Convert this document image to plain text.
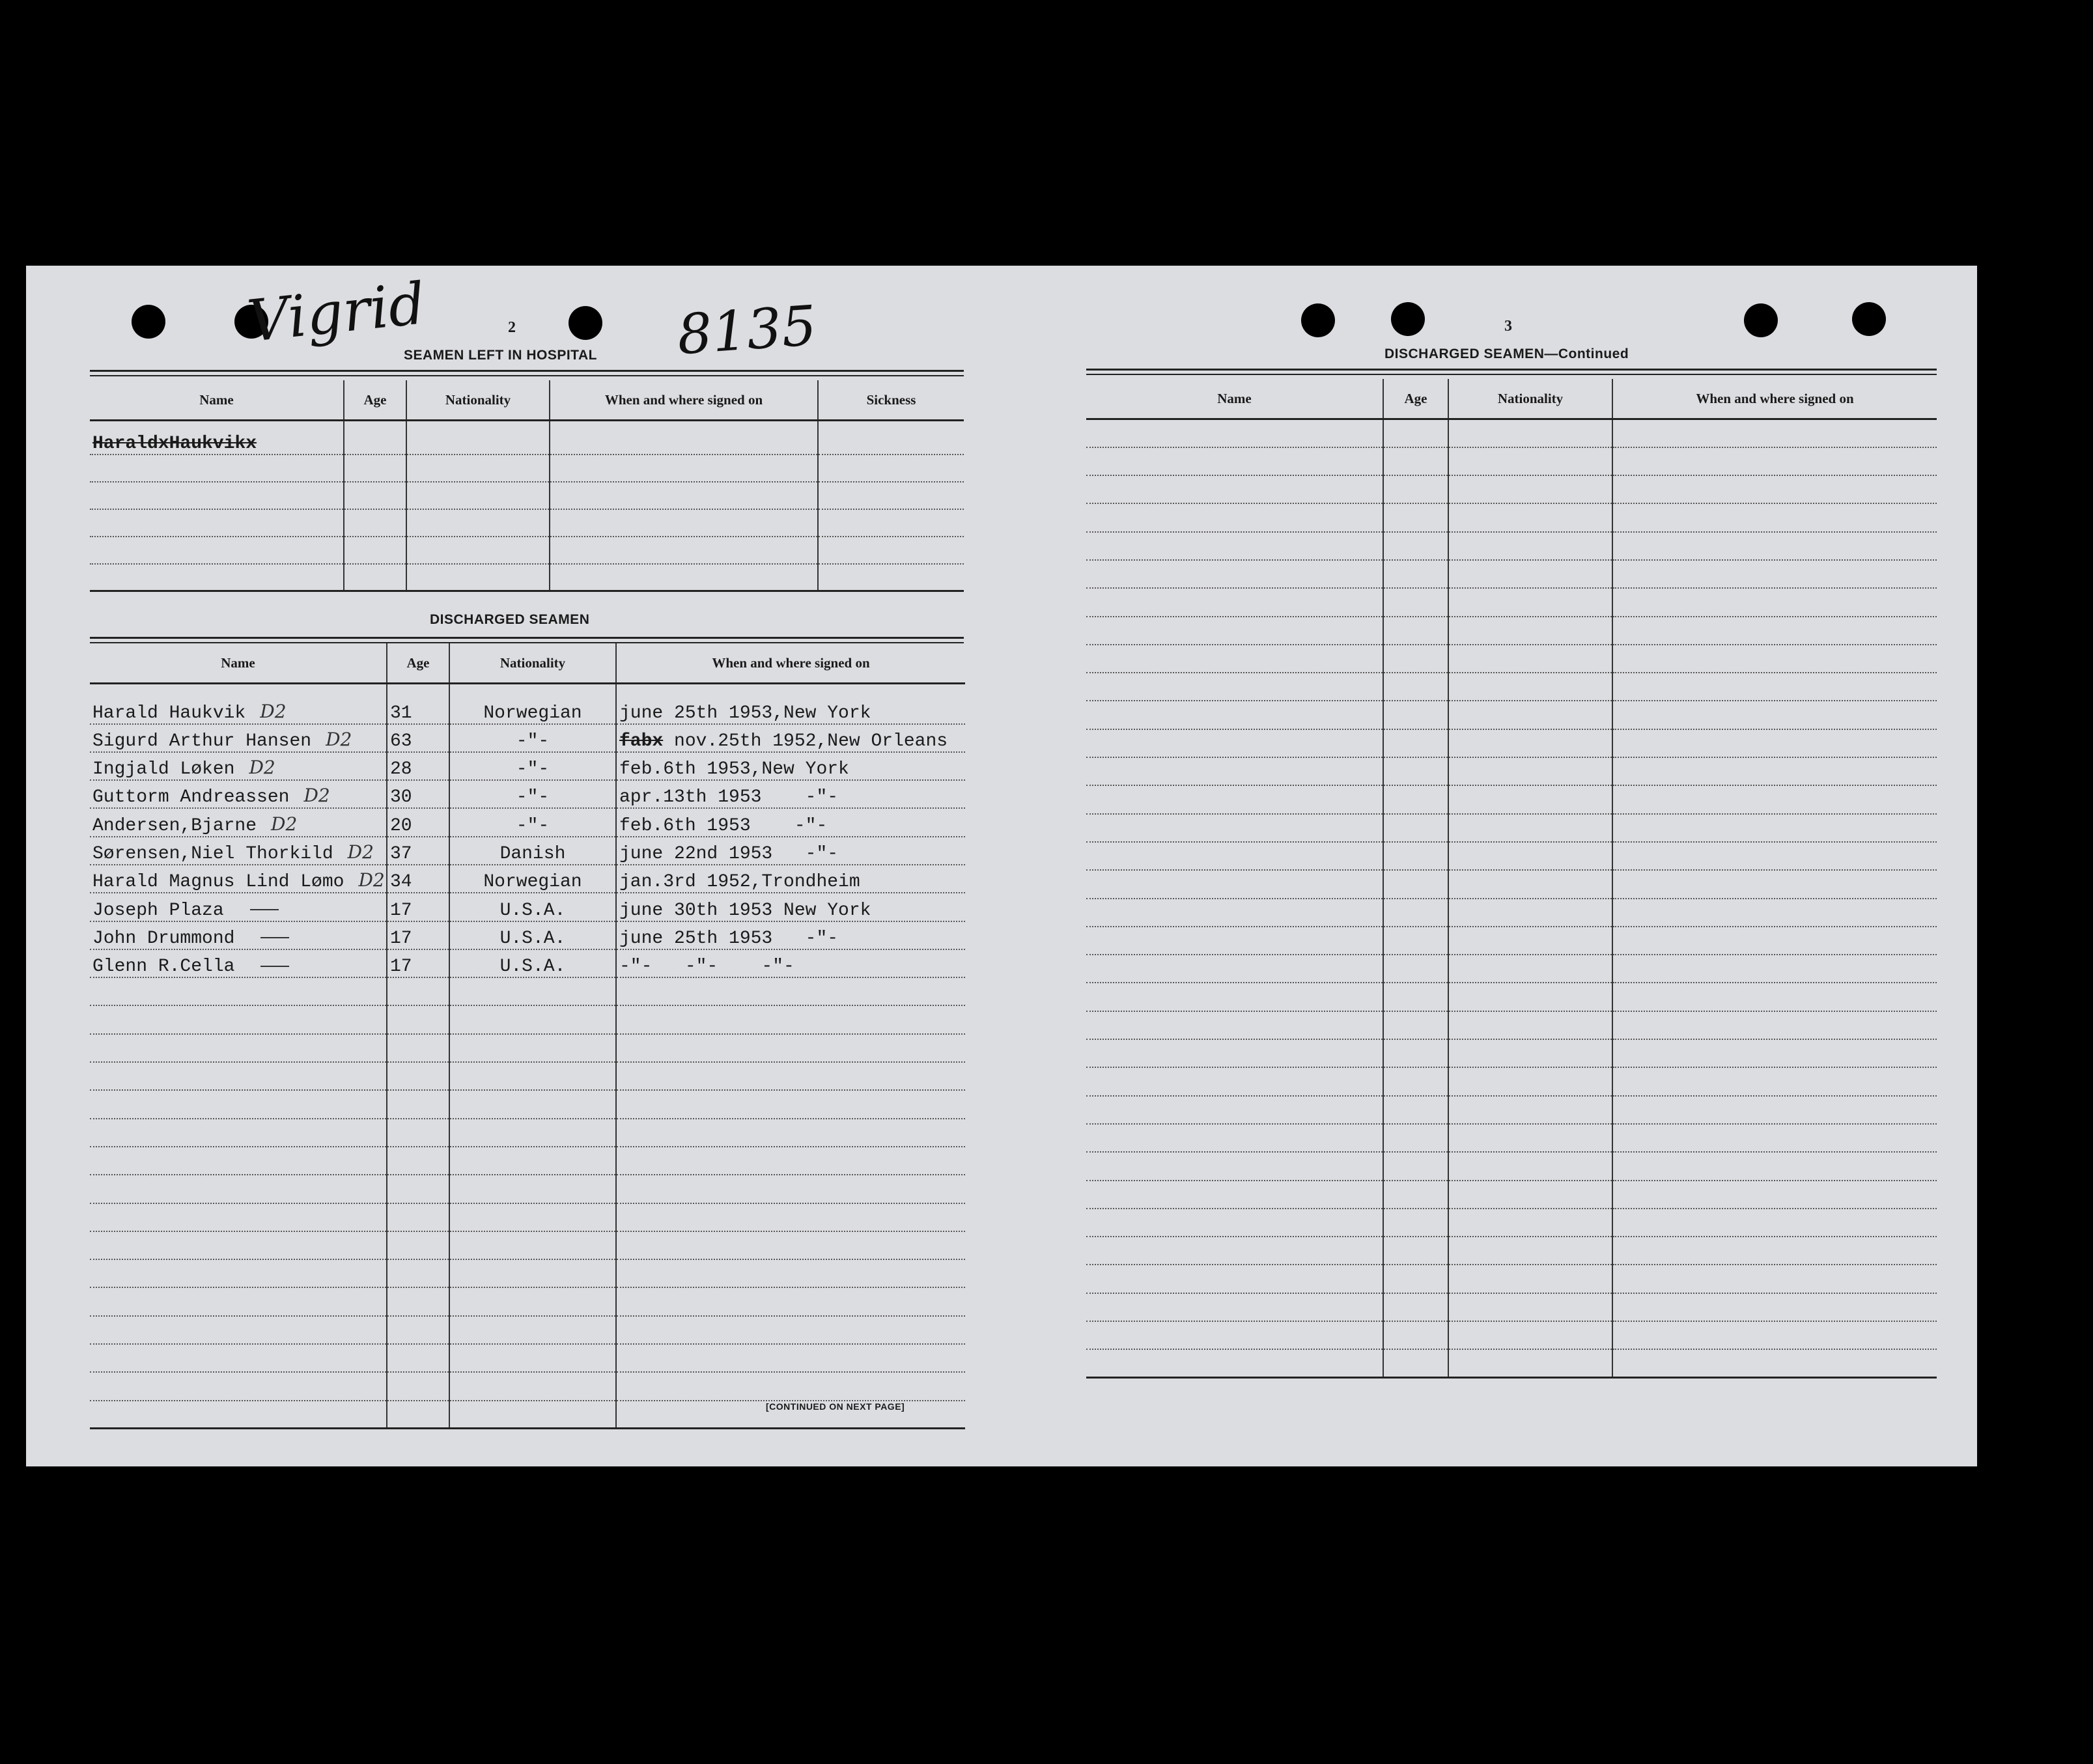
Vigrid	8135
2
SEAMEN LEFT IN HOSPITAL
Name	Age	Nationality	When and where signed on	Sickness
HaraldxHaukvikx				

DISCHARGED SEAMEN
Name	Age	Nationality	When and where signed on
Harald Haukvik D2	31	Norwegian	june 25th 1953,New York
Sigurd Arthur Hansen D2	63	-"-	fabx nov.25th 1952,New Orleans
Ingjald Løken D2	28	-"-	feb.6th 1953,New York
Guttorm Andreassen D2	30	-"-	apr.13th 1953    -"-
Andersen,Bjarne D2	20	-"-	feb.6th 1953    -"-
Sørensen,Niel Thorkild D2	37	Danish	june 22nd 1953   -"-
Harald Magnus Lind Lømo D2	34	Norwegian	jan.3rd 1952,Trondheim
Joseph Plaza	17	U.S.A.	june 30th 1953 New York
John Drummond	17	U.S.A.	june 25th 1953   -"-
Glenn R.Cella	17	U.S.A.	-"-   -"-    -"-

[CONTINUED ON NEXT PAGE]
3
DISCHARGED SEAMEN—Continued
Name	Age	Nationality	When and where signed on
